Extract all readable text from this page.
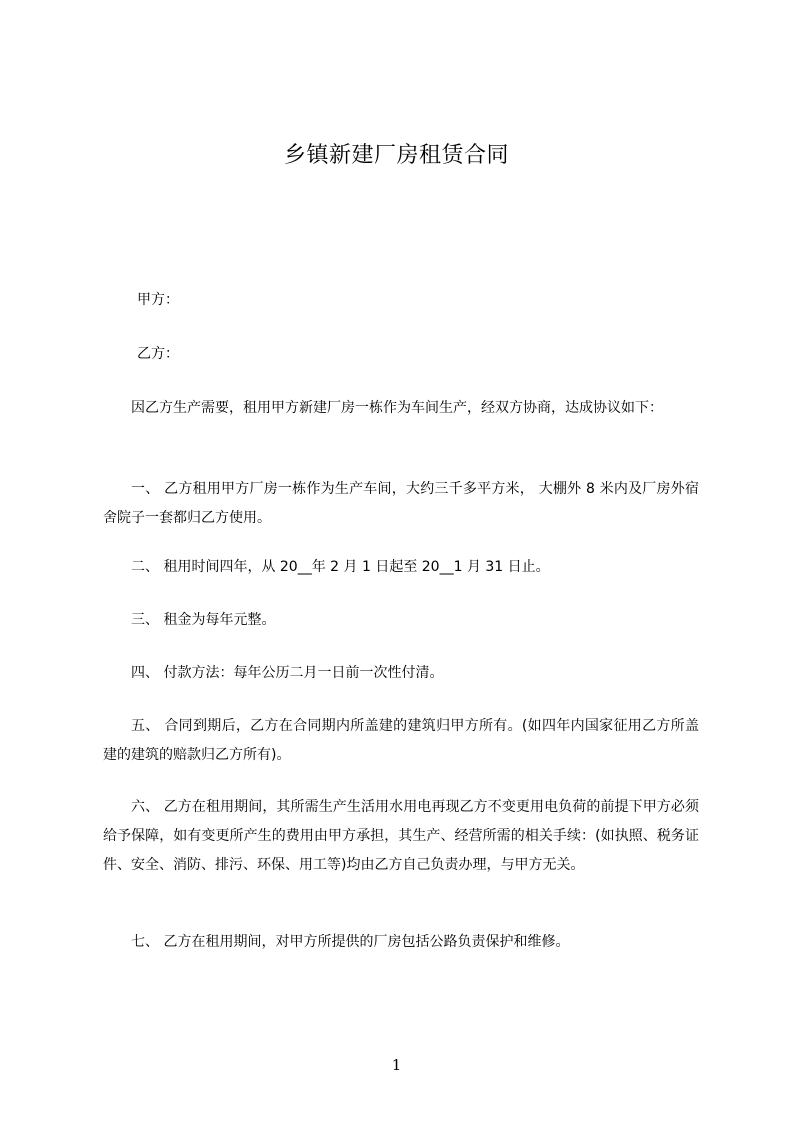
乡镇新建厂房租赁合同
甲方：
乙方：
因乙方生产需要，租用甲方新建厂房一栋作为车间生产，经双方协商，达成协议如下：
一、 乙方租用甲方厂房一栋作为生产车间，大约三千多平方米， 大棚外 8 米内及厂房外宿舍院子一套都归乙方使用。
二、 租用时间四年，从 20__年 2 月 1 日起至 20__1 月 31 日止。
三、 租金为每年元整。
四、 付款方法：每年公历二月一日前一次性付清。
五、 合同到期后，乙方在合同期内所盖建的建筑归甲方所有。(如四年内国家征用乙方所盖建的建筑的赔款归乙方所有)。
六、 乙方在租用期间，其所需生产生活用水用电再现乙方不变更用电负荷的前提下甲方必须给予保障，如有变更所产生的费用由甲方承担，其生产、经营所需的相关手续：(如执照、税务证件、安全、消防、排污、环保、用工等)均由乙方自己负责办理，与甲方无关。
七、 乙方在租用期间，对甲方所提供的厂房包括公路负责保护和维修。
1
